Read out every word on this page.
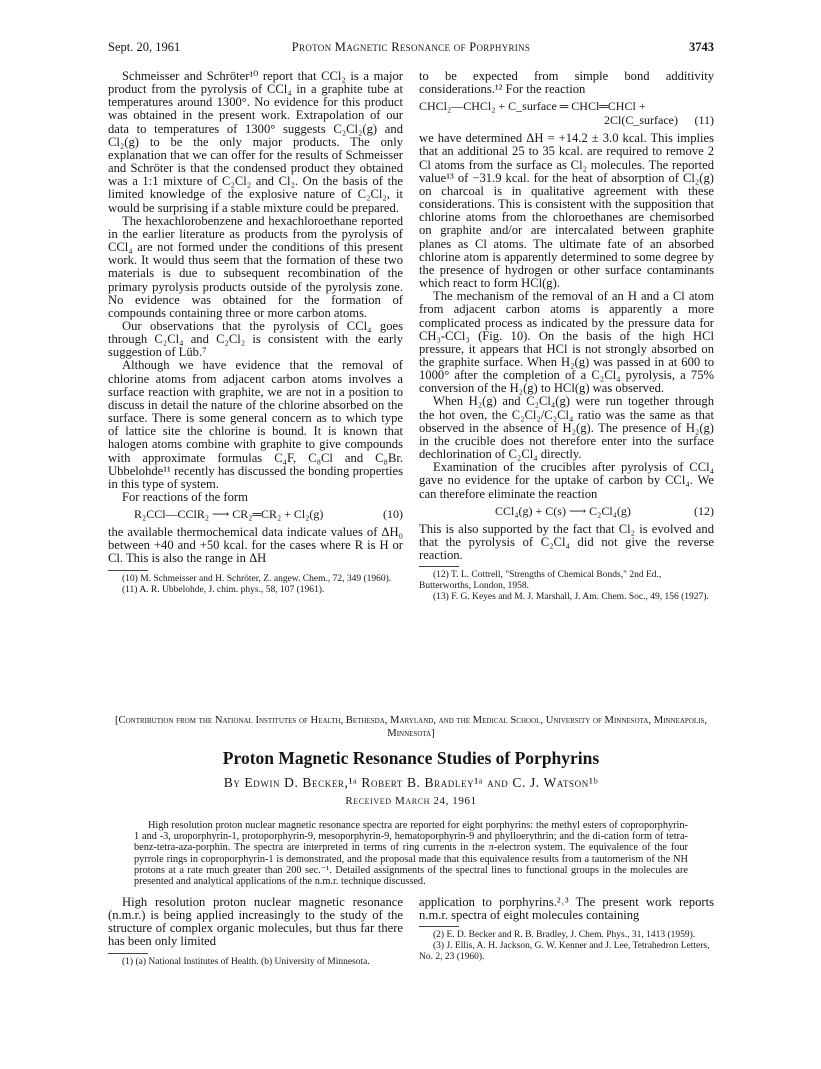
Sept. 20, 1961	Proton Magnetic Resonance of Porphyrins	3743

Schmeisser and Schröter¹⁰ report that CCl₂ is a major product from the pyrolysis of CCl₄ in a graphite tube at temperatures around 1300°. No evidence for this product was obtained in the present work. Extrapolation of our data to temperatures of 1300° suggests C₂Cl₂(g) and Cl₂(g) to be the only major products. The only explanation that we can offer for the results of Schmeisser and Schröter is that the condensed product they obtained was a 1:1 mixture of C₂Cl₂ and Cl₂. On the basis of the limited knowledge of the explosive nature of C₂Cl₂, it would be surprising if a stable mixture could be prepared.

The hexachlorobenzene and hexachloroethane reported in the earlier literature as products from the pyrolysis of CCl₄ are not formed under the conditions of this present work. It would thus seem that the formation of these two materials is due to subsequent recombination of the primary pyrolysis products outside of the pyrolysis zone. No evidence was obtained for the formation of compounds containing three or more carbon atoms.

Our observations that the pyrolysis of CCl₄ goes through C₂Cl₄ and C₂Cl₂ is consistent with the early suggestion of Lüb.⁷

Although we have evidence that the removal of chlorine atoms from adjacent carbon atoms involves a surface reaction with graphite, we are not in a position to discuss in detail the nature of the chlorine absorbed on the surface. There is some general concern as to which type of lattice site the chlorine is bound. It is known that halogen atoms combine with graphite to give compounds with approximate formulas C₄F, C₈Cl and C₈Br. Ubbelohde¹¹ recently has discussed the bonding properties in this type of system.

For reactions of the form

R₂CCl—CClR₂ ⟶ CR₂═CR₂ + Cl₂(g)	(10)

the available thermochemical data indicate values of ΔH₀ between +40 and +50 kcal. for the cases where R is H or Cl. This is also the range in ΔH

(10) M. Schmeisser and H. Schröter, Z. angew. Chem., 72, 349 (1960).

(11) A. R. Ubbelohde, J. chim. phys., 58, 107 (1961).

to be expected from simple bond additivity considerations.¹² For the reaction

CHCl₂—CHCl₂ + C_surface ═ CHCl═CHCl +
2Cl(C_surface) (11)

we have determined ΔH = +14.2 ± 3.0 kcal. This implies that an additional 25 to 35 kcal. are required to remove 2 Cl atoms from the surface as Cl₂ molecules. The reported value¹³ of −31.9 kcal. for the heat of absorption of Cl₂(g) on charcoal is in qualitative agreement with these considerations. This is consistent with the supposition that chlorine atoms from the chloroethanes are chemisorbed on graphite and/or are intercalated between graphite planes as Cl atoms. The ultimate fate of an absorbed chlorine atom is apparently determined to some degree by the presence of hydrogen or other surface contaminants which react to form HCl(g).

The mechanism of the removal of an H and a Cl atom from adjacent carbon atoms is apparently a more complicated process as indicated by the pressure data for CH₃-CCl₃ (Fig. 10). On the basis of the high HCl pressure, it appears that HCl is not strongly absorbed on the graphite surface. When H₂(g) was passed in at 600 to 1000° after the completion of a C₂Cl₄ pyrolysis, a 75% conversion of the H₂(g) to HCl(g) was observed.

When H₂(g) and C₂Cl₄(g) were run together through the hot oven, the C₂Cl₂/C₂Cl₄ ratio was the same as that observed in the absence of H₂(g). The presence of H₂(g) in the crucible does not therefore enter into the surface dechlorination of C₂Cl₄ directly.

Examination of the crucibles after pyrolysis of CCl₄ gave no evidence for the uptake of carbon by CCl₄. We can therefore eliminate the reaction

CCl₄(g) + C(s) ⟶ C₂Cl₄(g)	(12)

This is also supported by the fact that Cl₂ is evolved and that the pyrolysis of C₂Cl₄ did not give the reverse reaction.

(12) T. L. Cottrell, "Strengths of Chemical Bonds," 2nd Ed., Butterworths, London, 1958.

(13) F. G. Keyes and M. J. Marshall, J. Am. Chem. Soc., 49, 156 (1927).

[Contribution from the National Institutes of Health, Bethesda, Maryland, and the Medical School, University of Minnesota, Minneapolis, Minnesota]
Proton Magnetic Resonance Studies of Porphyrins
By Edwin D. Becker,¹ᵃ Robert B. Bradley¹ᵃ and C. J. Watson¹ᵇ
Received March 24, 1961
High resolution proton nuclear magnetic resonance spectra are reported for eight porphyrins: the methyl esters of coproporphyrin-1 and -3, uroporphyrin-1, protoporphyrin-9, mesoporphyrin-9, hematoporphyrin-9 and phylloerythrin; and the di-cation form of tetra-benz-tetra-aza-porphin. The spectra are interpreted in terms of ring currents in the π-electron system. The equivalence of the four pyrrole rings in coproporphyrin-1 is demonstrated, and the proposal made that this equivalence results from a tautomerism of the NH protons at a rate much greater than 200 sec.⁻¹. Detailed assignments of the spectral lines to functional groups in the molecules are presented and analytical applications of the n.m.r. technique discussed.

High resolution proton nuclear magnetic resonance (n.m.r.) is being applied increasingly to the study of the structure of complex organic molecules, but thus far there has been only limited

(1) (a) National Institutes of Health. (b) University of Minnesota.

application to porphyrins.²˒³ The present work reports n.m.r. spectra of eight molecules containing

(2) E. D. Becker and R. B. Bradley, J. Chem. Phys., 31, 1413 (1959).

(3) J. Ellis, A. H. Jackson, G. W. Kenner and J. Lee, Tetrahedron Letters, No. 2, 23 (1960).
